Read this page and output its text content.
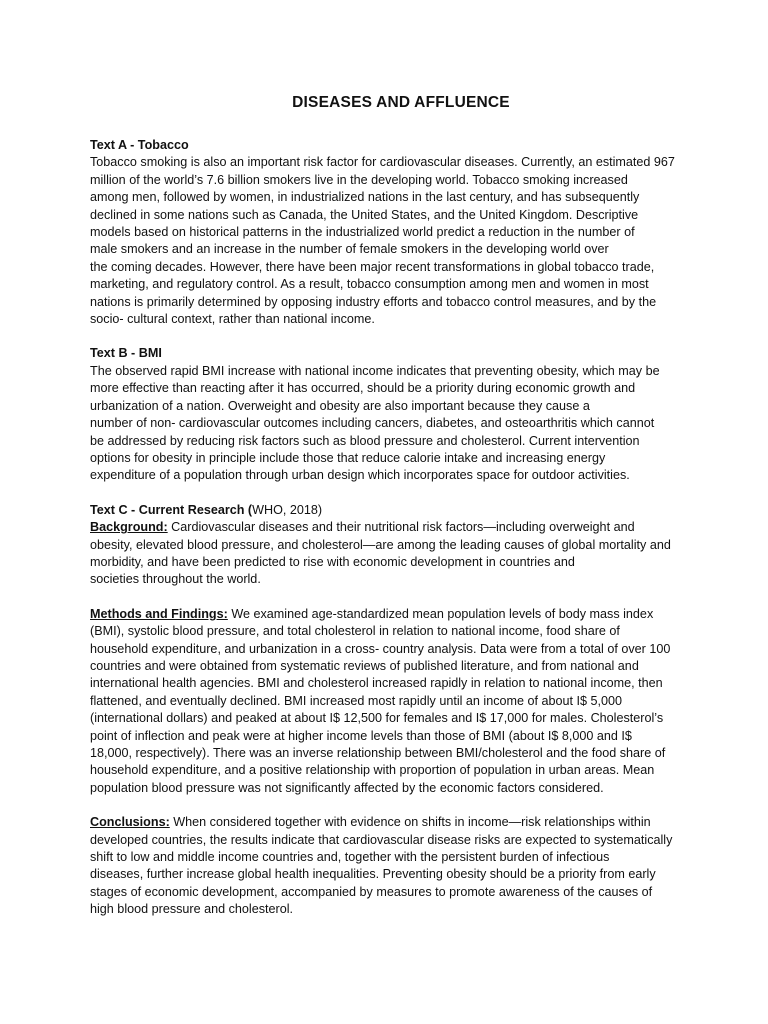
DISEASES AND AFFLUENCE
Text A - Tobacco
Tobacco smoking is also an important risk factor for cardiovascular diseases. Currently, an estimated 967
million of the world’s 7.6 billion smokers live in the developing world. Tobacco smoking increased
among men, followed by women, in industrialized nations in the last century, and has subsequently
declined in some nations such as Canada, the United States, and the United Kingdom. Descriptive
models based on historical patterns in the industrialized world predict a reduction in the number of
male smokers and an increase in the number of female smokers in the developing world over
the coming decades. However, there have been major recent transformations in global tobacco trade,
marketing, and regulatory control. As a result, tobacco consumption among men and women in most
nations is primarily determined by opposing industry efforts and tobacco control measures, and by the
socio- cultural context, rather than national income.
Text B - BMI
The observed rapid BMI increase with national income indicates that preventing obesity, which may be
more effective than reacting after it has occurred, should be a priority during economic growth and
urbanization of a nation. Overweight and obesity are also important because they cause a
number of non- cardiovascular outcomes including cancers, diabetes, and osteoarthritis which cannot
be addressed by reducing risk factors such as blood pressure and cholesterol. Current intervention
options for obesity in principle include those that reduce calorie intake and increasing energy
expenditure of a population through urban design which incorporates space for outdoor activities.
Text C - Current Research (WHO, 2018)
Background: Cardiovascular diseases and their nutritional risk factors—including overweight and
obesity, elevated blood pressure, and cholesterol—are among the leading causes of global mortality and
morbidity, and have been predicted to rise with economic development in countries and
societies throughout the world.
Methods and Findings: We examined age-standardized mean population levels of body mass index
(BMI), systolic blood pressure, and total cholesterol in relation to national income, food share of
household expenditure, and urbanization in a cross- country analysis. Data were from a total of over 100
countries and were obtained from systematic reviews of published literature, and from national and
international health agencies. BMI and cholesterol increased rapidly in relation to national income, then
flattened, and eventually declined. BMI increased most rapidly until an income of about I$ 5,000
(international dollars) and peaked at about I$ 12,500 for females and I$ 17,000 for males. Cholesterol’s
point of inflection and peak were at higher income levels than those of BMI (about I$ 8,000 and I$
18,000, respectively). There was an inverse relationship between BMI/cholesterol and the food share of
household expenditure, and a positive relationship with proportion of population in urban areas. Mean
population blood pressure was not significantly affected by the economic factors considered.
Conclusions: When considered together with evidence on shifts in income—risk relationships within
developed countries, the results indicate that cardiovascular disease risks are expected to systematically
shift to low and middle income countries and, together with the persistent burden of infectious
diseases, further increase global health inequalities. Preventing obesity should be a priority from early
stages of economic development, accompanied by measures to promote awareness of the causes of
high blood pressure and cholesterol.
